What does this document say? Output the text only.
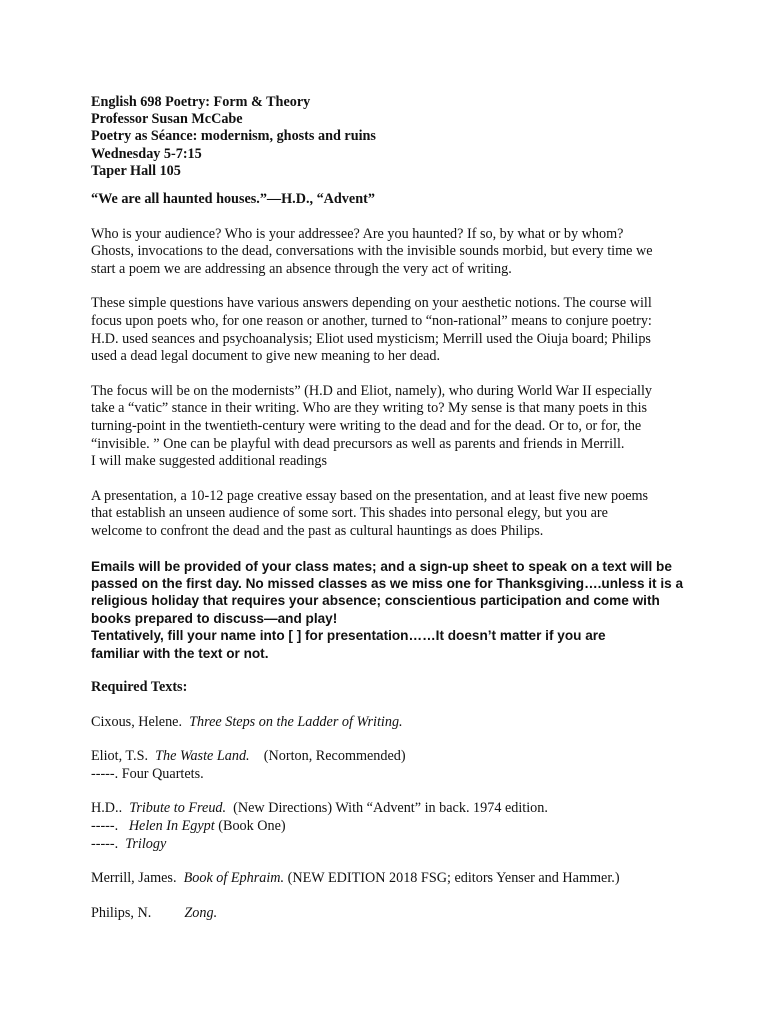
English 698 Poetry: Form & Theory
Professor Susan McCabe
Poetry as Séance: modernism, ghosts and ruins
Wednesday 5-7:15
Taper Hall 105
“We are all haunted houses.”—H.D., “Advent”
Who is your audience? Who is your addressee? Are you haunted? If so, by what or by whom?
Ghosts, invocations to the dead, conversations with the invisible sounds morbid, but every time we
start a poem we are addressing an absence through the very act of writing.
These simple questions have various answers depending on your aesthetic notions. The course will
focus upon poets who, for one reason or another, turned to “non-rational” means to conjure poetry:
H.D. used seances and psychoanalysis; Eliot used mysticism; Merrill used the Oiuja board; Philips
used a dead legal document to give new meaning to her dead.
The focus will be on the modernists” (H.D and Eliot, namely), who during World War II especially
take a “vatic” stance in their writing. Who are they writing to? My sense is that many poets in this
turning-point in the twentieth-century were writing to the dead and for the dead. Or to, or for, the
“invisible. ” One can be playful with dead precursors as well as parents and friends in Merrill.
I will make suggested additional readings
A presentation, a 10-12 page creative essay based on the presentation, and at least five new poems
that establish an unseen audience of some sort. This shades into personal elegy, but you are
welcome to confront the dead and the past as cultural hauntings as does Philips.
Emails will be provided of your class mates; and a sign-up sheet to speak on a text will be
passed on the first day. No missed classes as we miss one for Thanksgiving….unless it is a
religious holiday that requires your absence; conscientious participation and come with
books prepared to discuss—and play!
Tentatively, fill your name into [ ] for presentation……It doesn’t matter if you are
familiar with the text or not.
Required Texts:
Cixous, Helene. Three Steps on the Ladder of Writing.
Eliot, T.S. The Waste Land. (Norton, Recommended)
-----. Four Quartets.
H.D.. Tribute to Freud. (New Directions) With “Advent” in back. 1974 edition.
-----. Helen In Egypt (Book One)
-----. Trilogy
Merrill, James. Book of Ephraim. (NEW EDITION 2018 FSG; editors Yenser and Hammer.)
Philips, N. Zong.
